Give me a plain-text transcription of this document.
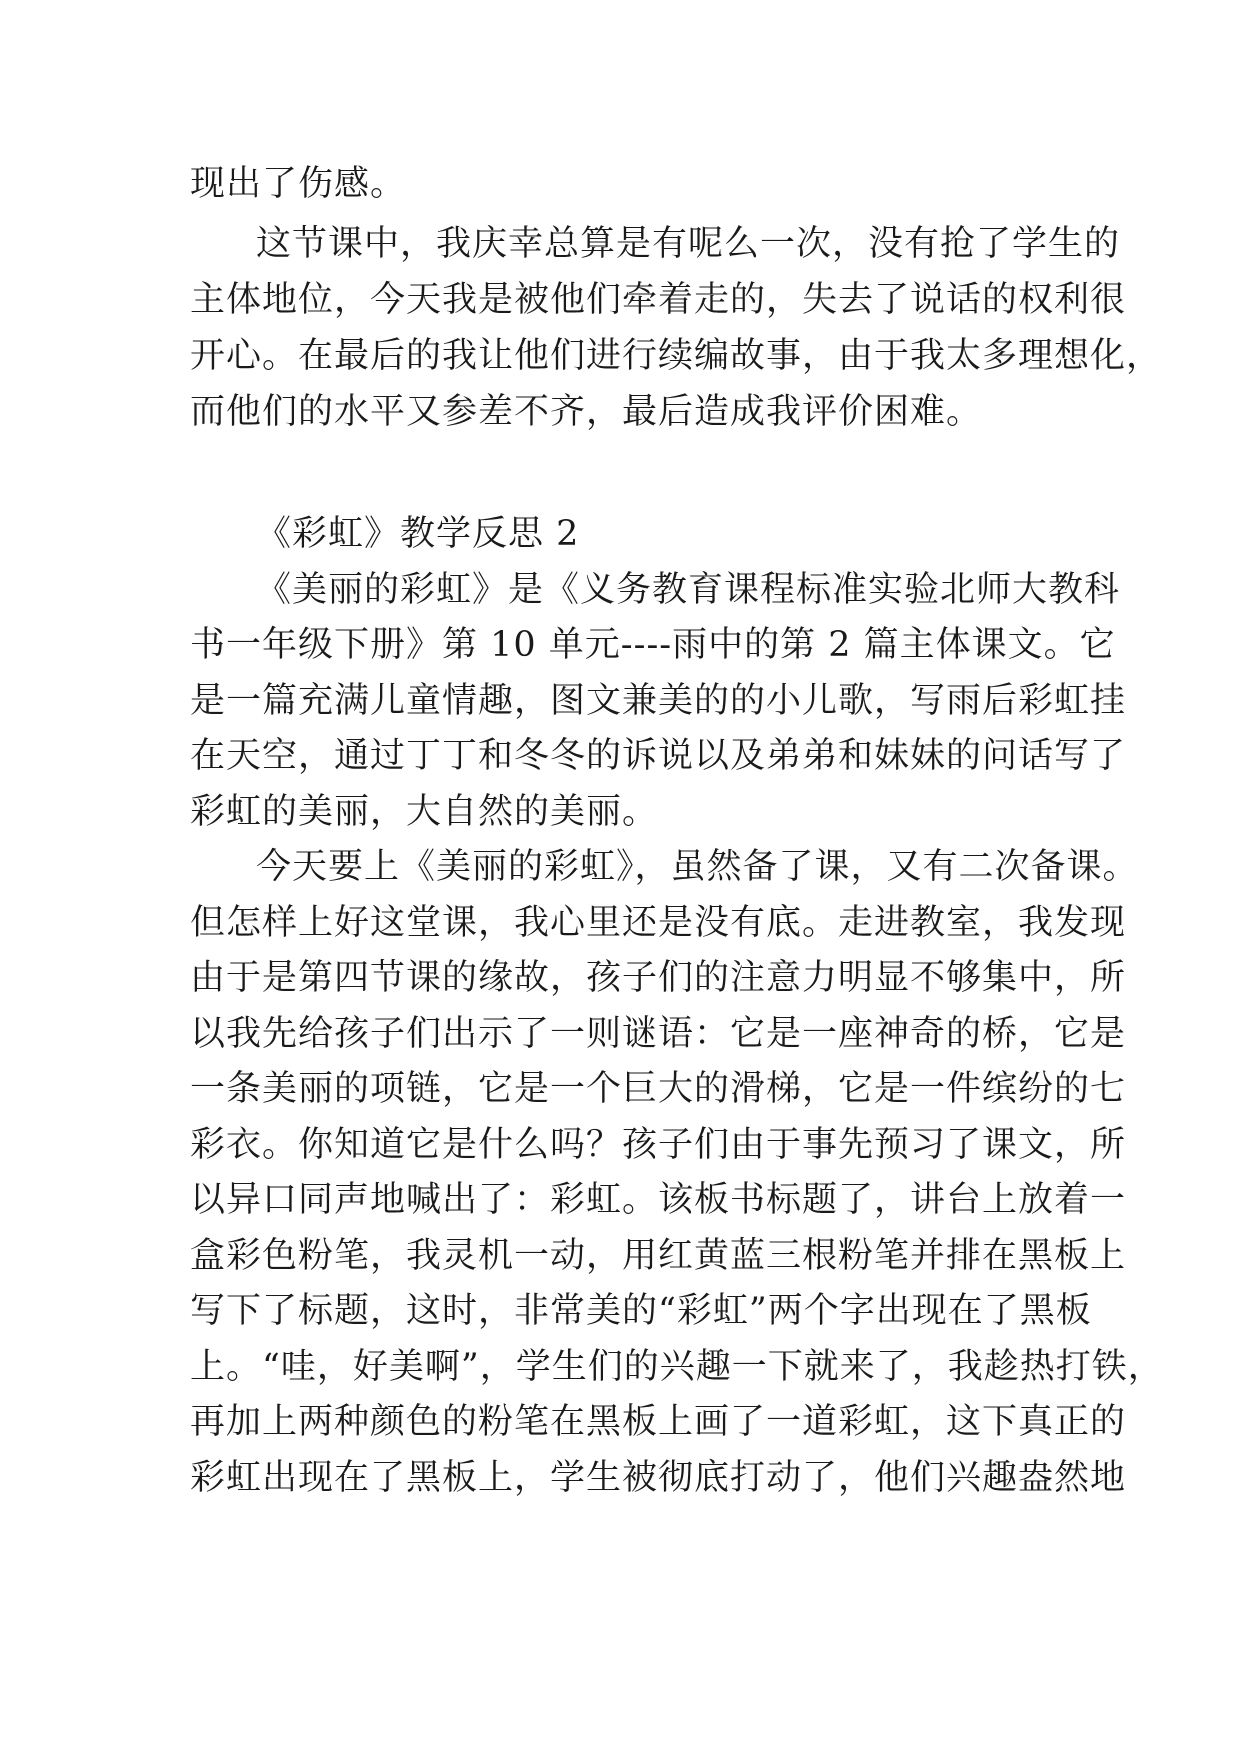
现出了伤感。
这节课中，我庆幸总算是有呢么一次，没有抢了学生的
主体地位，今天我是被他们牵着走的，失去了说话的权利很
开心。在最后的我让他们进行续编故事，由于我太多理想化，
而他们的水平又参差不齐，最后造成我评价困难。
《彩虹》教学反思 2
《美丽的彩虹》是《义务教育课程标准实验北师大教科
书一年级下册》第 10 单元----雨中的第 2 篇主体课文。它
是一篇充满儿童情趣，图文兼美的的小儿歌，写雨后彩虹挂
在天空，通过丁丁和冬冬的诉说以及弟弟和妹妹的问话写了
彩虹的美丽，大自然的美丽。
今天要上《美丽的彩虹》，虽然备了课，又有二次备课。
但怎样上好这堂课，我心里还是没有底。走进教室，我发现
由于是第四节课的缘故，孩子们的注意力明显不够集中，所
以我先给孩子们出示了一则谜语：它是一座神奇的桥，它是
一条美丽的项链，它是一个巨大的滑梯，它是一件缤纷的七
彩衣。你知道它是什么吗？孩子们由于事先预习了课文，所
以异口同声地喊出了：彩虹。该板书标题了，讲台上放着一
盒彩色粉笔，我灵机一动，用红黄蓝三根粉笔并排在黑板上
写下了标题，这时，非常美的“彩虹”两个字出现在了黑板
上。“哇，好美啊”，学生们的兴趣一下就来了，我趁热打铁，
再加上两种颜色的粉笔在黑板上画了一道彩虹，这下真正的
彩虹出现在了黑板上，学生被彻底打动了，他们兴趣盎然地
